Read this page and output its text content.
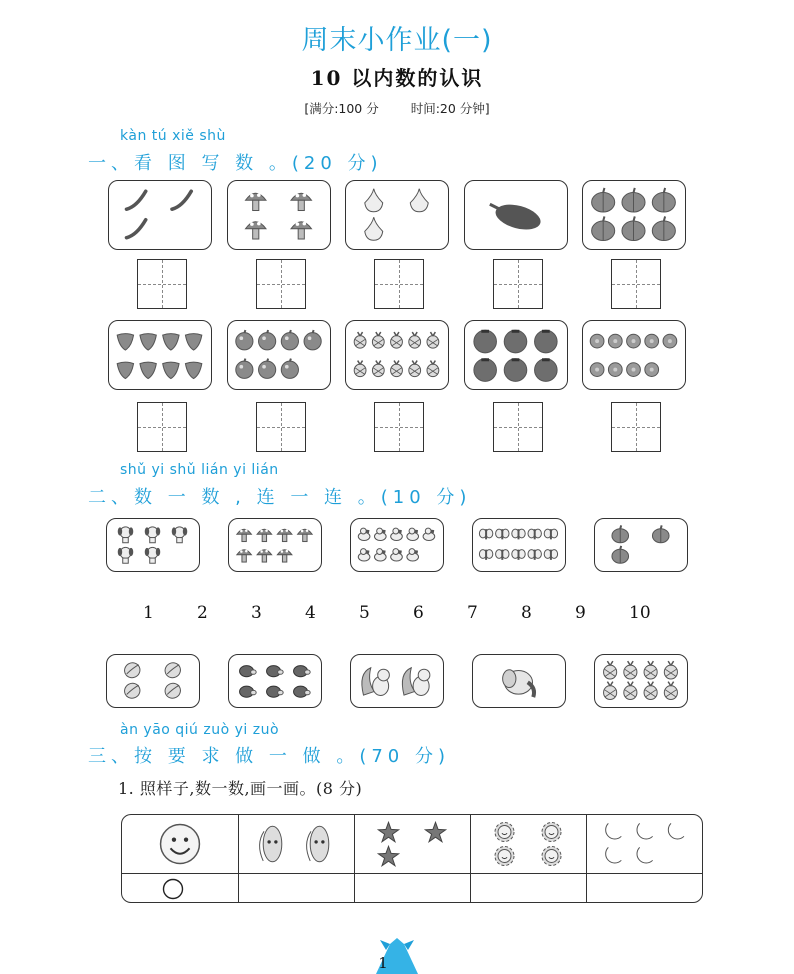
周末小作业(一)
10 以内数的认识
[满分:100 分	时间:20 分钟]
kàn tú xiě shù
一、看 图 写 数 。(20 分)
shǔ yi shǔ lián yi lián
二、数 一 数 , 连 一 连 。(10 分)
1	2	3	4	5	6	7	8	9	10
àn yāo qiú zuò yi zuò
三、按 要 求 做 一 做 。(70 分)
1. 照样子,数一数,画一画。(8 分)
1
